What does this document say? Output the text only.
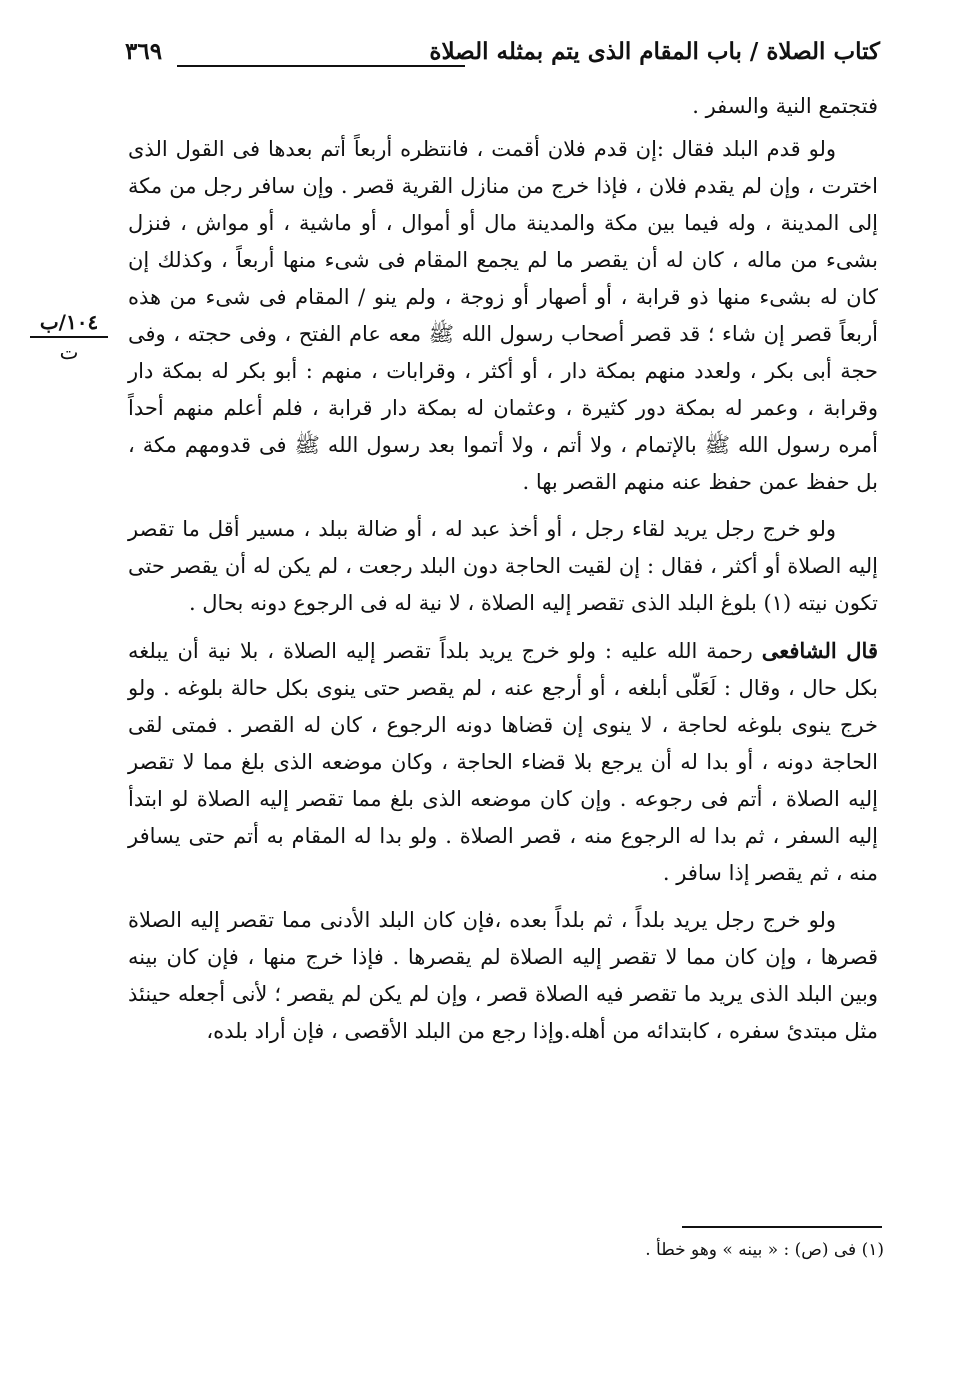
كتاب الصلاة / باب المقام الذى يتم بمثله الصلاة
٣٦٩
١٠٤/ب
ت

فتجتمع النية والسفر .

ولو قدم البلد فقال :إن قدم فلان أقمت ، فانتظره أربعاً أتم بعدها فى القول الذى اخترت ، وإن لم يقدم فلان ، فإذا خرج من منازل القرية قصر . وإن سافر رجل من مكة إلى المدينة ، وله فيما بين مكة والمدينة مال أو أموال ، أو ماشية ، أو مواش ، فنزل بشىء من ماله ، كان له أن يقصر ما لم يجمع المقام فى شىء منها أربعاً ، وكذلك إن كان له بشىء منها ذو قرابة ، أو أصهار أو زوجة ، ولم ينو / المقام فى شىء من هذه أربعاً قصر إن شاء ؛ قد قصر أصحاب رسول الله ﷺ معه عام الفتح ، وفى حجته ، وفى حجة أبى بكر ، ولعدد منهم بمكة دار ، أو أكثر ، وقرابات ، منهم : أبو بكر له بمكة دار وقرابة ، وعمر له بمكة دور كثيرة ، وعثمان له بمكة دار قرابة ، فلم أعلم منهم أحداً أمره رسول الله ﷺ بالإتمام ، ولا أتم ، ولا أتموا بعد رسول الله ﷺ فى قدومهم مكة ، بل حفظ عمن حفظ عنه منهم القصر بها .

ولو خرج رجل يريد لقاء رجل ، أو أخذ عبد له ، أو ضالة ببلد ، مسير أقل ما تقصر إليه الصلاة أو أكثر ، فقال : إن لقيت الحاجة دون البلد رجعت ، لم يكن له أن يقصر حتى تكون نيته (١) بلوغ البلد الذى تقصر إليه الصلاة ، لا نية له فى الرجوع دونه بحال .

قال الشافعى رحمة الله عليه : ولو خرج يريد بلداً تقصر إليه الصلاة ، بلا نية أن يبلغه بكل حال ، وقال : لَعَلّى أبلغه ، أو أرجع عنه ، لم يقصر حتى ينوى بكل حالة بلوغه . ولو خرج ينوى بلوغه لحاجة ، لا ينوى إن قضاها دونه الرجوع ، كان له القصر . فمتى لقى الحاجة دونه ، أو بدا له أن يرجع بلا قضاء الحاجة ، وكان موضعه الذى بلغ مما لا تقصر إليه الصلاة ، أتم فى رجوعه . وإن كان موضعه الذى بلغ مما تقصر إليه الصلاة لو ابتدأ إليه السفر ، ثم بدا له الرجوع منه ، قصر الصلاة . ولو بدا له المقام به أتم حتى يسافر منه ، ثم يقصر إذا سافر .

ولو خرج رجل يريد بلداً ، ثم بلداً بعده ،فإن كان البلد الأدنى مما تقصر إليه الصلاة قصرها ، وإن كان مما لا تقصر إليه الصلاة لم يقصرها . فإذا خرج منها ، فإن كان بينه وبين البلد الذى يريد ما تقصر فيه الصلاة قصر ، وإن لم يكن لم يقصر ؛ لأنى أجعله حينئذ مثل مبتدئ سفره ، كابتدائه من أهله.وإذا رجع من البلد الأقصى ، فإن أراد بلده،

(١) فى (ص) : « بينه » وهو خطأ .
